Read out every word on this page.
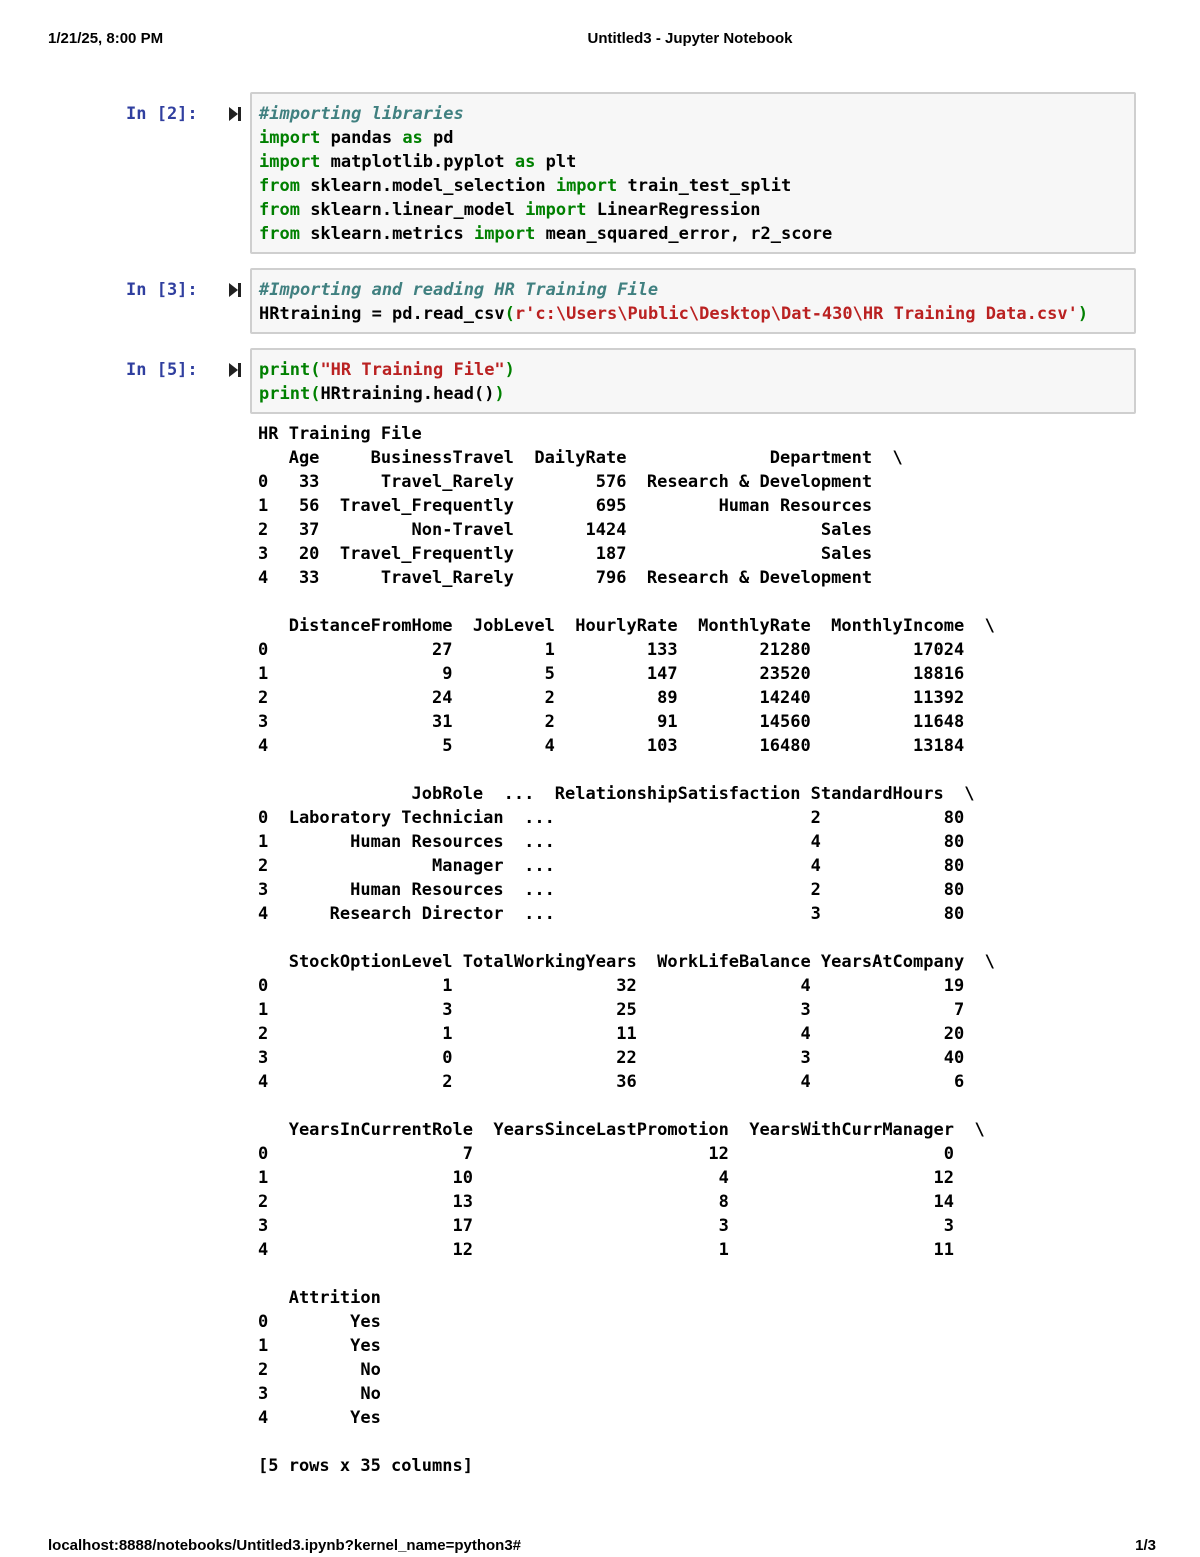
1/21/25, 8:00 PM	Untitled3 - Jupyter Notebook
In [2]:	#importing libraries
import pandas as pd
import matplotlib.pyplot as plt
from sklearn.model_selection import train_test_split
from sklearn.linear_model import LinearRegression
from sklearn.metrics import mean_squared_error, r2_score
In [3]:	#Importing and reading HR Training File
HRtraining = pd.read_csv(r'c:\Users\Public\Desktop\Dat-430\HR Training Data.csv')
In [5]:	print("HR Training File")
print(HRtraining.head())
HR Training File
Age     BusinessTravel  DailyRate              Department  \
0   33      Travel_Rarely        576  Research & Development
1   56  Travel_Frequently        695         Human Resources
2   37         Non-Travel       1424                   Sales
3   20  Travel_Frequently        187                   Sales
4   33      Travel_Rarely        796  Research & Development
DistanceFromHome  JobLevel  HourlyRate  MonthlyRate  MonthlyIncome  \
0                27         1         133        21280          17024
1                 9         5         147        23520          18816
2                24         2          89        14240          11392
3                31         2          91        14560          11648
4                 5         4         103        16480          13184
JobRole  ...  RelationshipSatisfaction StandardHours  \
0  Laboratory Technician  ...                         2            80
1        Human Resources  ...                         4            80
2                Manager  ...                         4            80
3        Human Resources  ...                         2            80
4      Research Director  ...                         3            80
StockOptionLevel TotalWorkingYears  WorkLifeBalance YearsAtCompany  \
0                 1                32                4             19
1                 3                25                3              7
2                 1                11                4             20
3                 0                22                3             40
4                 2                36                4              6
YearsInCurrentRole  YearsSinceLastPromotion  YearsWithCurrManager  \
0                   7                       12                     0
1                  10                        4                    12
2                  13                        8                    14
3                  17                        3                     3
4                  12                        1                    11
Attrition
0        Yes
1        Yes
2         No
3         No
4        Yes
[5 rows x 35 columns]
localhost:8888/notebooks/Untitled3.ipynb?kernel_name=python3#	1/3
